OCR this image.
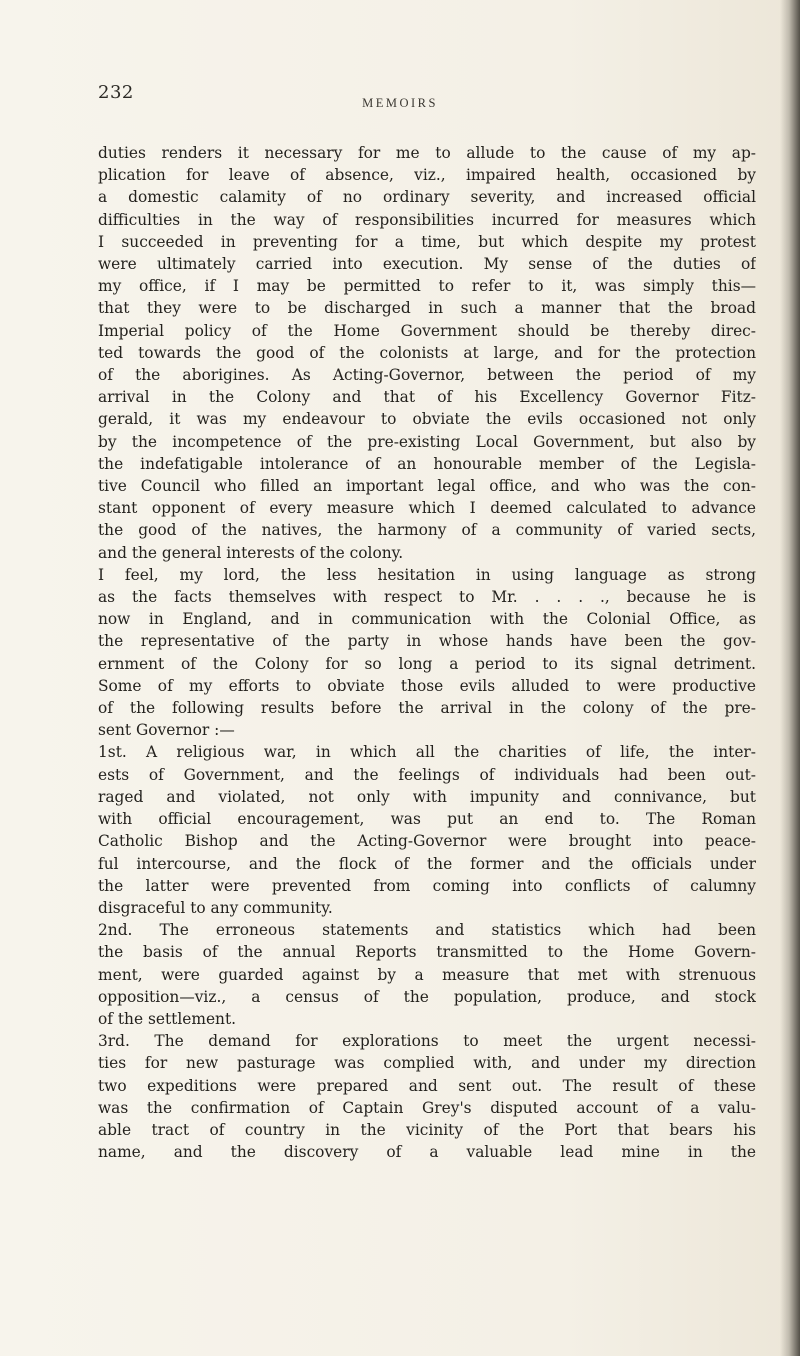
232	MEMOIRS

duties renders it necessary for me to allude to the cause of my ap-

plication for leave of absence, viz., impaired health, occasioned by

a domestic calamity of no ordinary severity, and increased official

difficulties in the way of responsibilities incurred for measures which

I succeeded in preventing for a time, but which despite my protest

were ultimately carried into execution. My sense of the duties of

my office, if I may be permitted to refer to it, was simply this—

that they were to be discharged in such a manner that the broad

Imperial policy of the Home Government should be thereby direc-

ted towards the good of the colonists at large, and for the protection

of the aborigines. As Acting-Governor, between the period of my

arrival in the Colony and that of his Excellency Governor Fitz-

gerald, it was my endeavour to obviate the evils occasioned not only

by the incompetence of the pre-existing Local Government, but also by

the indefatigable intolerance of an honourable member of the Legisla-

tive Council who filled an important legal office, and who was the con-

stant opponent of every measure which I deemed calculated to advance

the good of the natives, the harmony of a community of varied sects,

and the general interests of the colony.

I feel, my lord, the less hesitation in using language as strong

as the facts themselves with respect to Mr. . . . ., because he is

now in England, and in communication with the Colonial Office, as

the representative of the party in whose hands have been the gov-

ernment of the Colony for so long a period to its signal detriment.

Some of my efforts to obviate those evils alluded to were productive

of the following results before the arrival in the colony of the pre-

sent Governor :—

1st. A religious war, in which all the charities of life, the inter-

ests of Government, and the feelings of individuals had been out-

raged and violated, not only with impunity and connivance, but

with official encouragement, was put an end to. The Roman

Catholic Bishop and the Acting-Governor were brought into peace-

ful intercourse, and the flock of the former and the officials under

the latter were prevented from coming into conflicts of calumny

disgraceful to any community.

2nd. The erroneous statements and statistics which had been

the basis of the annual Reports transmitted to the Home Govern-

ment, were guarded against by a measure that met with strenuous

opposition—viz., a census of the population, produce, and stock

of the settlement.

3rd. The demand for explorations to meet the urgent necessi-

ties for new pasturage was complied with, and under my direction

two expeditions were prepared and sent out. The result of these

was the confirmation of Captain Grey's disputed account of a valu-

able tract of country in the vicinity of the Port that bears his

name, and the discovery of a valuable lead mine in the
